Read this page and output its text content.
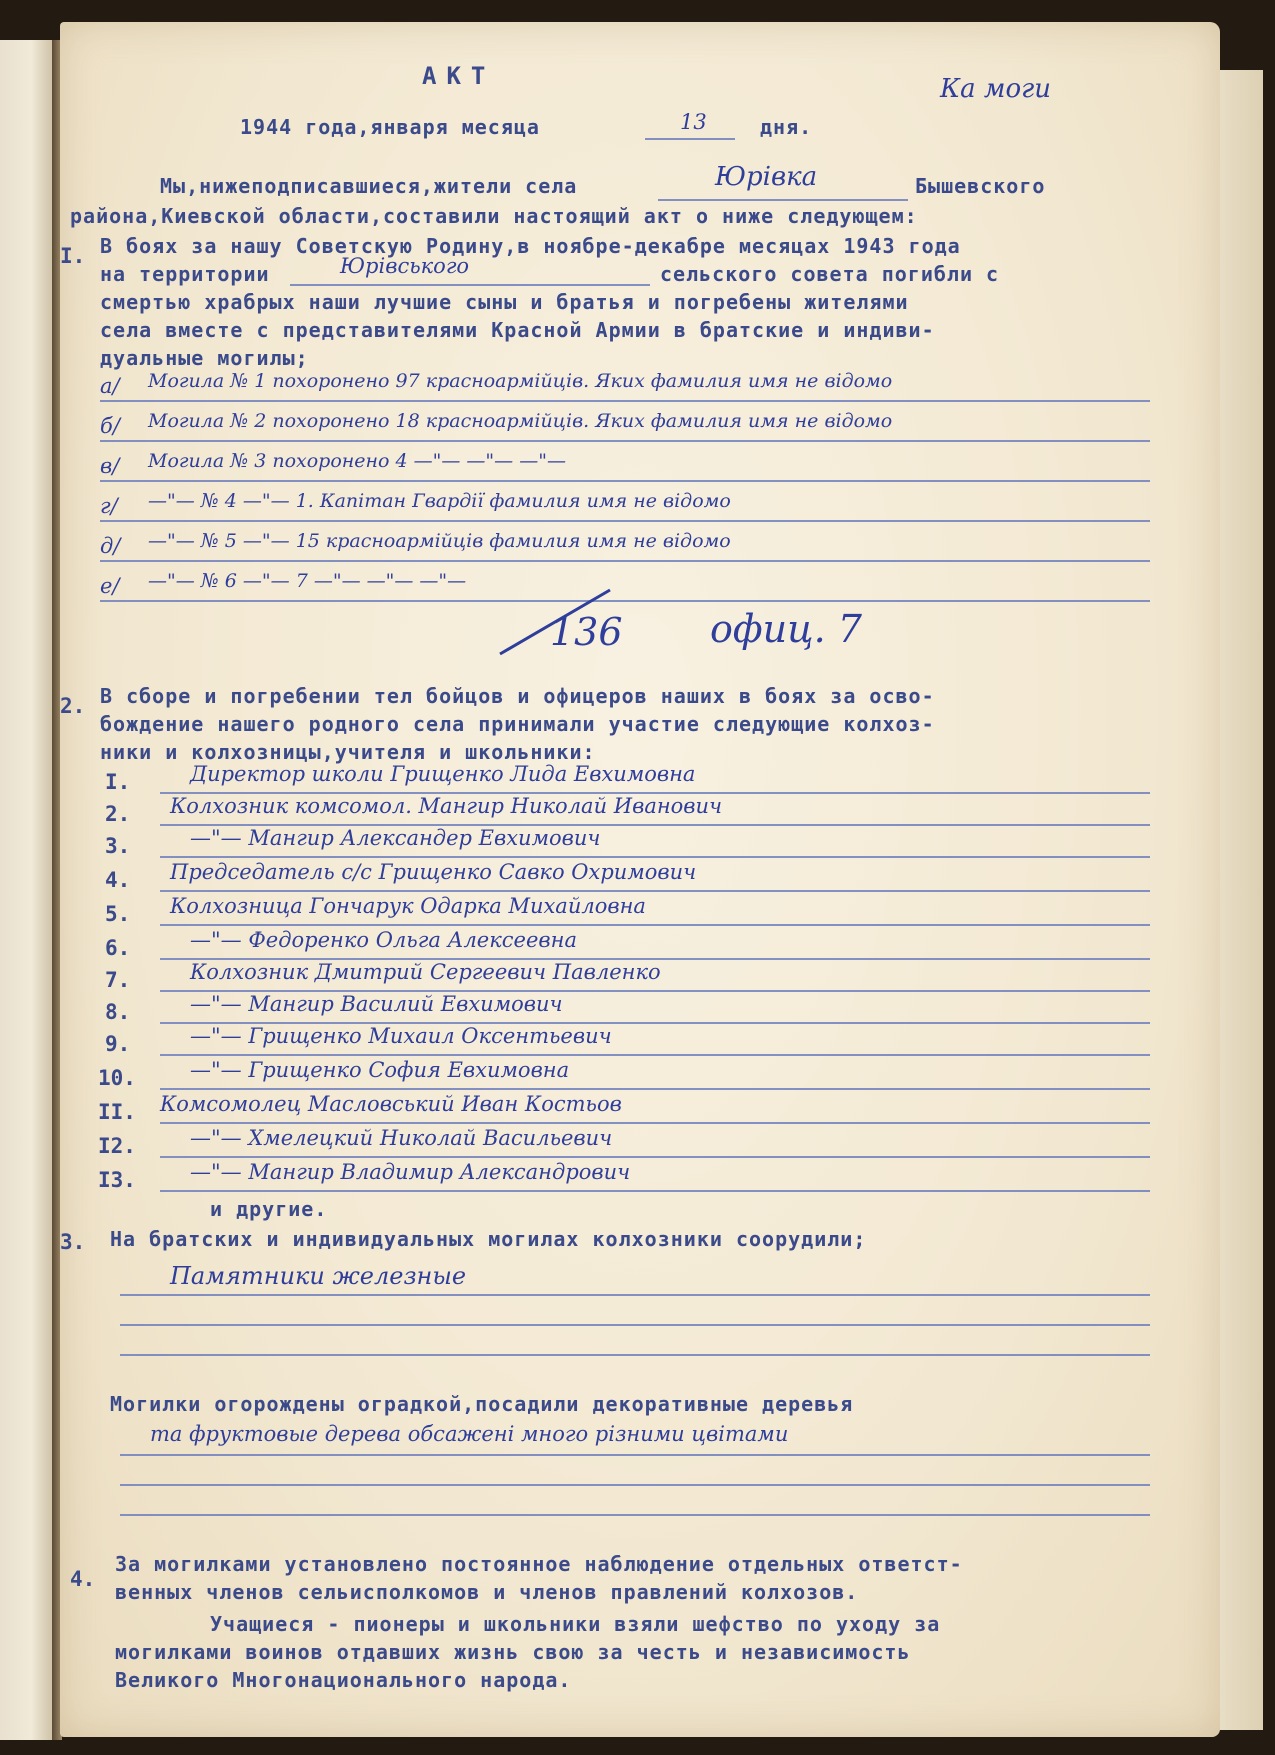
АКТ	Ка моги
1944 года,января месяца	13	дня.
Мы,нижеподписавшиеся,жители села	Юрівка	Бышевского
района,Киевской области,составили настоящий акт о ниже следующем:
I. В боях за нашу Советскую Родину,в ноябре-декабре месяцах 1943 года
на территории	Юрівського	сельского совета погибли с
смертью храбрых наши лучшие сыны и братья и погребены жителями
села вместе с представителями Красной Армии в братские и индиви-
дуальные могилы;
а/ Могила № 1 похоронено 97 красноармійців. Яких фамилия имя не відомо
б/ Могила № 2 похоронено 18 красноармійців. Яких фамилия имя не відомо
в/ Могила № 3 похоронено 4 —"— —"— —"—
г/ —"— № 4 —"— 1. Капітан Гвардії фамилия имя не відомо
д/ —"— № 5 —"— 15 красноармійців фамилия имя не відомо
е/ —"— № 6 —"— 7 —"— —"— —"—
136 офиц. 7
2. В сборе и погребении тел бойцов и офицеров наших в боях за осво-
бождение нашего родного села принимали участие следующие колхоз-
ники и колхозницы,учителя и школьники:
I.	Директор школи Грищенко Лида Евхимовна
2. Колхозник комсомол. Мангир Николай Иванович
3.	—"— Мангир Александер Евхимович
4. Председатель с/с Грищенко Савко Охримович
5. Колхозница Гончарук Одарка Михайловна
6.	—"— Федоренко Ольга Алексеевна
7.	Колхозник Дмитрий Сергеевич Павленко
8.	—"— Мангир Василий Евхимович
9.	—"— Грищенко Михаил Оксентьевич
10.	—"— Грищенко София Евхимовна
II. Комсомолец Масловський Иван Костьов
I2.	—"— Хмелецкий Николай Васильевич
I3.	—"— Мангир Владимир Александрович
и другие.
3. На братских и индивидуальных могилах колхозники соорудили;
Памятники железные
Могилки огорождены оградкой,посадили декоративные деревья
та фруктовые дерева обсажені много різними цвітами
4.
За могилками установлено постоянное наблюдение отдельных ответст-
венных членов сельисполкомов и членов правлений колхозов.
Учащиеся - пионеры и школьники взяли шефство по уходу за
могилками воинов отдавших жизнь свою за честь и независимость
Великого Многонационального народа.
